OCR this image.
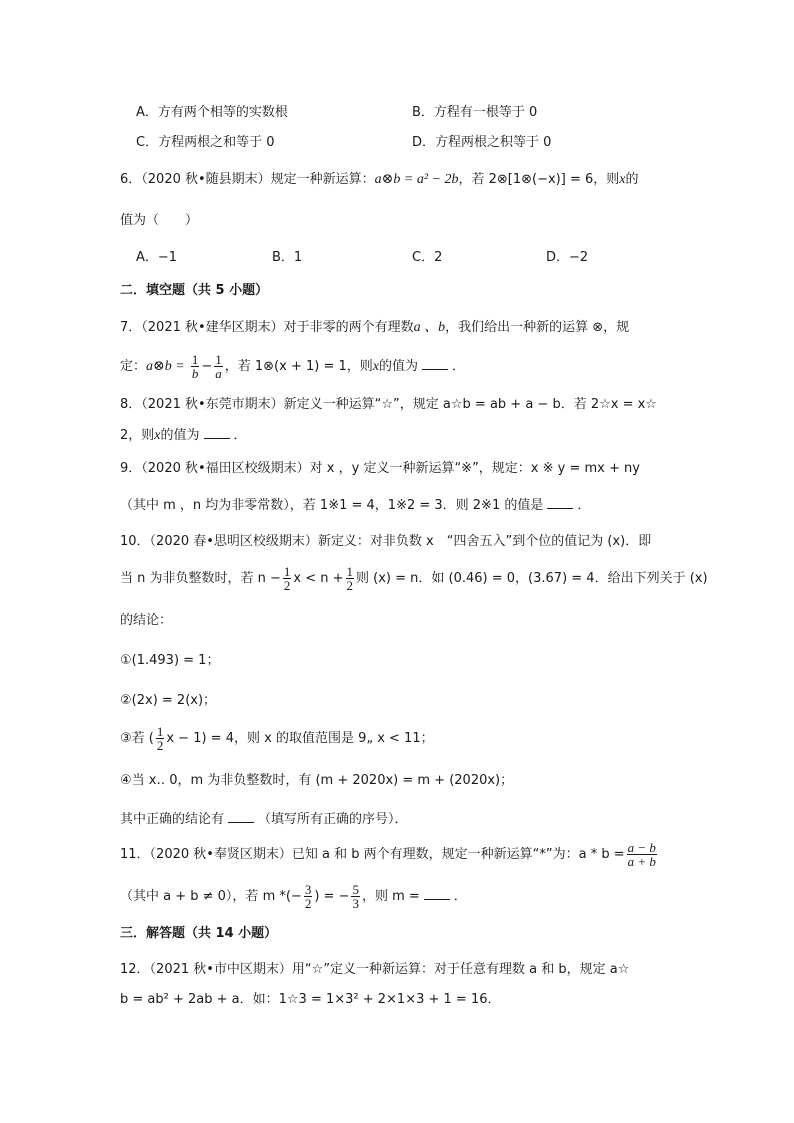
A．方有两个相等的实数根	B．方程有一根等于 0
C．方程两根之和等于 0	D．方程两根之积等于 0
6．（2020 秋•随县期末）规定一种新运算：a⊗b = a² − 2b，若 2⊗[1⊗(−x)] = 6，则x的
值为（　　）
A．−1	B．1	C．2	D．−2
二．填空题（共 5 小题）
7．（2021 秋•建华区期末）对于非零的两个有理数a 、b，我们给出一种新的运算 ⊗，规
定：a⊗b = $\frac{1}{b} - \frac{1}{a}$ ，若 1⊗(x + 1) = 1，则x的值为	．
8．（2021 秋•东莞市期末）新定义一种运算“☆”，规定 a☆b = ab + a − b．若 2☆x = x☆
2，则x的值为	．
9．（2020 秋•福田区校级期末）对 x ，y 定义一种新运算“※”，规定：x ※ y = mx + ny
（其中 m ，n 均为非零常数），若 1※1 = 4，1※2 = 3．则 2※1 的值是	．
10．（2020 春•思明区校级期末）新定义：对非负数 x　“四舍五入”到个位的值记为 (x)．即
当 n 为非负整数时，若 $n - \frac{1}{2}$ $x < n + \frac{1}{2}$ 则 (x) = n．如 (0.46) = 0，(3.67) = 4．给出下列关于 (x)
的结论：
①(1.493) = 1；
②(2x) = 2(x)；
③若 ( $\frac{1}{2}$ x − 1) = 4，则 x 的取值范围是 9„ x < 11；
④当 x‥ 0，m 为非负整数时，有 (m + 2020x) = m + (2020x)；
其中正确的结论有	（填写所有正确的序号）．
11．（2020 秋•奉贤区期末）已知 a 和 b 两个有理数，规定一种新运算“*”为：$a * b = \frac{a - b}{a + b}$
（其中 a + b ≠ 0），若 m *(− $\frac{3}{2}$ ) = − $\frac{5}{3}$ ，则 m =	．
三．解答题（共 14 小题）
12．（2021 秋•市中区期末）用“☆”定义一种新运算：对于任意有理数 a 和 b，规定 a☆
b = ab² + 2ab + a．如：1☆3 = 1×3² + 2×1×3 + 1 = 16．
